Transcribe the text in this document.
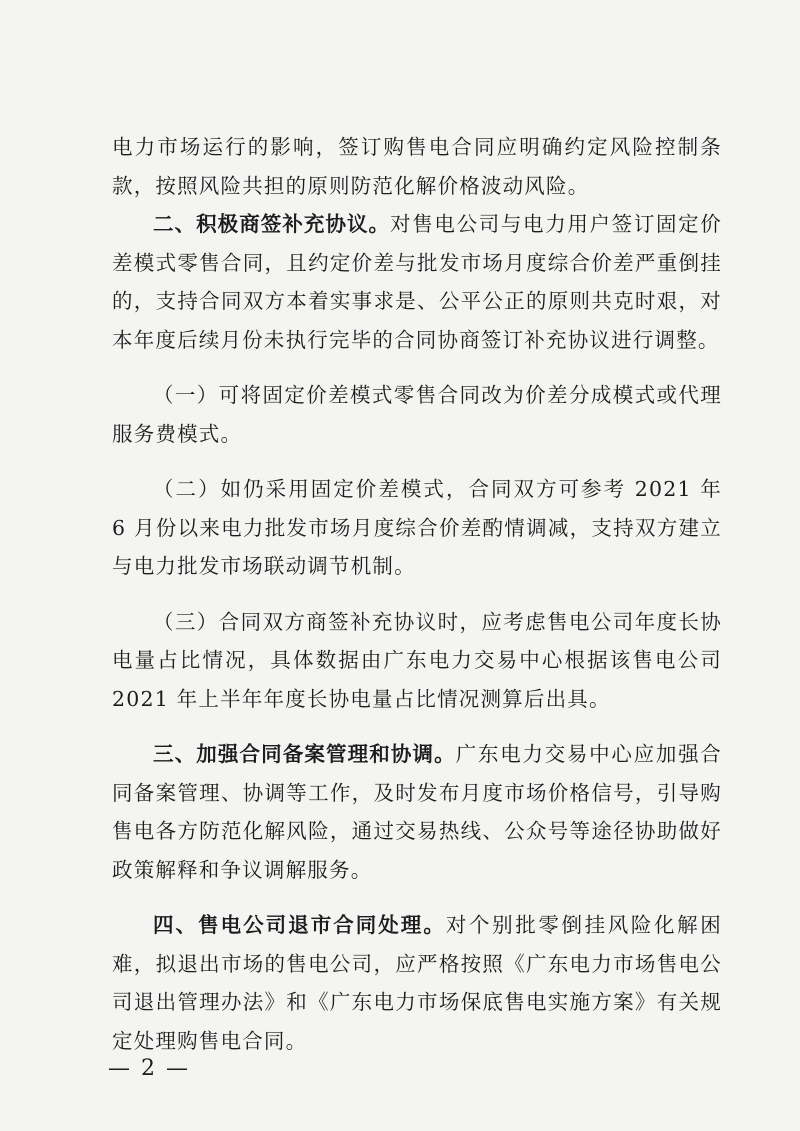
电力市场运行的影响，签订购售电合同应明确约定风险控制条款，按照风险共担的原则防范化解价格波动风险。

二、积极商签补充协议。对售电公司与电力用户签订固定价差模式零售合同，且约定价差与批发市场月度综合价差严重倒挂的，支持合同双方本着实事求是、公平公正的原则共克时艰，对本年度后续月份未执行完毕的合同协商签订补充协议进行调整。

（一）可将固定价差模式零售合同改为价差分成模式或代理服务费模式。

（二）如仍采用固定价差模式，合同双方可参考 2021 年 6 月份以来电力批发市场月度综合价差酌情调减，支持双方建立与电力批发市场联动调节机制。

（三）合同双方商签补充协议时，应考虑售电公司年度长协电量占比情况，具体数据由广东电力交易中心根据该售电公司 2021 年上半年年度长协电量占比情况测算后出具。

三、加强合同备案管理和协调。广东电力交易中心应加强合同备案管理、协调等工作，及时发布月度市场价格信号，引导购售电各方防范化解风险，通过交易热线、公众号等途径协助做好政策解释和争议调解服务。

四、售电公司退市合同处理。对个别批零倒挂风险化解困难，拟退出市场的售电公司，应严格按照《广东电力市场售电公司退出管理办法》和《广东电力市场保底售电实施方案》有关规定处理购售电合同。

— 2 —
